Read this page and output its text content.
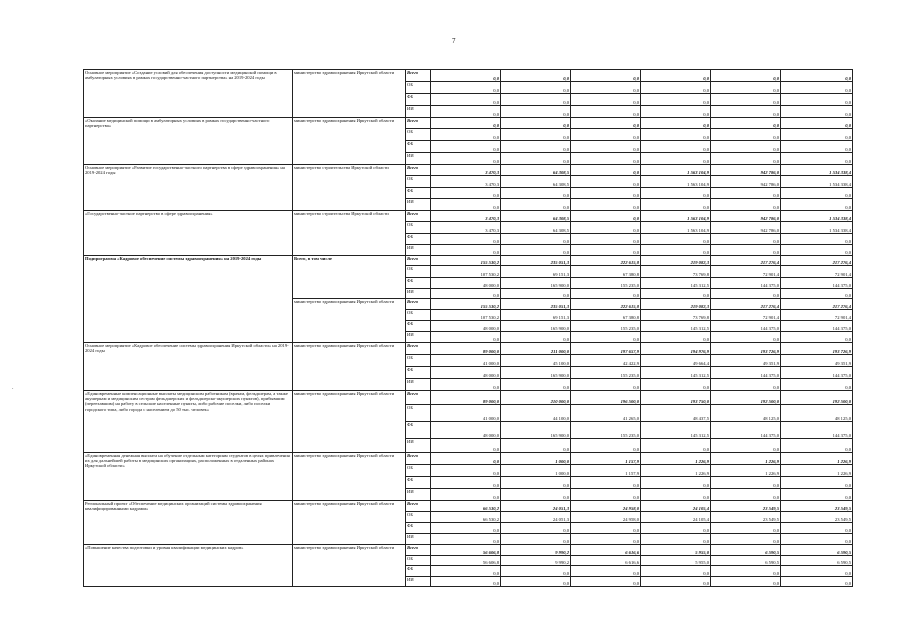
7
.
Основное мероприятие «Создание условий для обеспечения доступности медицинской помощи в амбулаторных условиях в рамках государственно-частного партнерства» на 2019-2024 годы	министерство здравоохранения Иркутской области	Всего	0,0	0,0	0,0	0,0	0,0	0,0
		ОБ	0,0	0,0	0,0	0,0	0,0	0,0
		ФБ	0,0	0,0	0,0	0,0	0,0	0,0
		ИИ	0,0	0,0	0,0	0,0	0,0	0,0
«Оказание медицинской помощи в амбулаторных условиях в рамках государственно-частного партнерства»	министерство здравоохранения Иркутской области	Всего	0,0	0,0	0,0	0,0	0,0	0,0
		ОБ	0,0	0,0	0,0	0,0	0,0	0,0
		ФБ	0,0	0,0	0,0	0,0	0,0	0,0
		ИИ	0,0	0,0	0,0	0,0	0,0	0,0
Основное мероприятие «Развитие государственно-частного партнерства в сфере здравоохранения» на 2019-2024 годы	министерство строительства Иркутской области	Всего	3 470,3	64 308,5	0,0	1 563 104,9	942 786,0	1 534 338,4
		ОБ	3 470,3	64 308,5	0,0	1 563 104,9	942 786,0	1 534 338,4
		ФБ	0,0	0,0	0,0	0,0	0,0	0,0
		ИИ	0,0	0,0	0,0	0,0	0,0	0,0
«Государственно-частное партнерство в сфере здравоохранения»	министерство строительства Иркутской области	Всего	3 470,3	64 308,5	0,0	1 563 104,9	942 786,0	1 534 338,4
		ОБ	3 470,3	64 308,5	0,0	1 563 104,9	942 786,0	1 534 338,4
		ФБ	0,0	0,0	0,0	0,0	0,0	0,0
		ИИ	0,0	0,0	0,0	0,0	0,0	0,0
Подпрограмма «Кадровое обеспечение системы здравоохранения» на 2019-2024 годы	Всего, в том числе	Всего	155 530,2	235 051,3	222 615,8	219 082,3	217 276,4	217 276,4
		ОБ	107 530,2	69 151,3	67 380,8	73 769,8	72 901,4	72 901,4
		ФБ	48 000,0	165 900,0	155 235,0	145 312,5	144 375,0	144 375,0
		ИИ	0,0	0,0	0,0	0,0	0,0	0,0
	министерство здравоохранения Иркутской области	Всего	155 530,2	235 051,3	222 615,8	219 082,3	217 276,4	217 276,4
		ОБ	107 530,2	69 151,3	67 380,8	73 769,8	72 901,4	72 901,4
		ФБ	48 000,0	165 900,0	155 235,0	145 312,5	144 375,0	144 375,0
		ИИ	0,0	0,0	0,0	0,0	0,0	0,0
Основное мероприятие «Кадровое обеспечение системы здравоохранения Иркутской области» на 2019-2024 годы	министерство здравоохранения Иркутской области	Всего	89 000,0	211 000,0	197 657,9	194 976,9	193 726,9	193 726,9
		ОБ	41 000,0	45 100,0	42 422,9	49 664,4	49 351,9	49 351,9
		ФБ	48 000,0	165 900,0	155 235,0	145 312,5	144 375,0	144 375,0
		ИИ	0,0	0,0	0,0	0,0	0,0	0,0
«Единовременные компенсационные выплаты медицинским работникам (врачам, фельдшерам, а также акушеркам и медицинским сестрам фельдшерских и фельдшерско-акушерских пунктов), прибывшим (переехавшим) на работу в сельские населенные пункты, либо рабочие поселки, либо поселки городского типа, либо города с населением до 50 тыс. человек»	министерство здравоохранения Иркутской области	Всего	89 000,0	210 000,0	196 500,0	193 750,0	192 500,0	192 500,0
		ОБ	41 000,0	44 100,0	41 265,0	48 437,5	48 125,0	48 125,0
		ФБ	48 000,0	165 900,0	155 235,0	145 312,5	144 375,0	144 375,0
		ИИ	0,0	0,0	0,0	0,0	0,0	0,0
«Единовременная денежная выплата на обучение отдельным категориям студентов в целях привлечения их для дальнейшей работы в медицинских организациях, расположенных в отдаленных районах Иркутской области»	министерство здравоохранения Иркутской области	Всего	0,0	1 000,0	1 157,9	1 226,9	1 226,9	1 226,9
		ОБ	0,0	1 000,0	1 157,9	1 226,9	1 226,9	1 226,9
		ФБ	0,0	0,0	0,0	0,0	0,0	0,0
		ИИ	0,0	0,0	0,0	0,0	0,0	0,0
Региональный проект «Обеспечение медицинских организаций системы здравоохранения квалифицированными кадрами»	министерство здравоохранения Иркутской области	Всего	66 530,2	24 051,3	24 958,0	24 105,4	23 549,5	23 549,5
		ОБ	66 530,2	24 051,3	24 958,0	24 105,4	23 549,5	23 549,5
		ФБ	0,0	0,0	0,0	0,0	0,0	0,0
		ИИ	0,0	0,0	0,0	0,0	0,0	0,0
«Повышение качества подготовки и уровня квалификации медицинских кадров»	министерство здравоохранения Иркутской области	Всего	56 606,8	9 990,2	6 616,6	5 955,0	6 590,5	6 590,5
		ОБ	56 606,8	9 990,2	6 616,6	5 955,0	6 590,5	6 590,5
		ФБ	0,0	0,0	0,0	0,0	0,0	0,0
		ИИ	0,0	0,0	0,0	0,0	0,0	0,0
